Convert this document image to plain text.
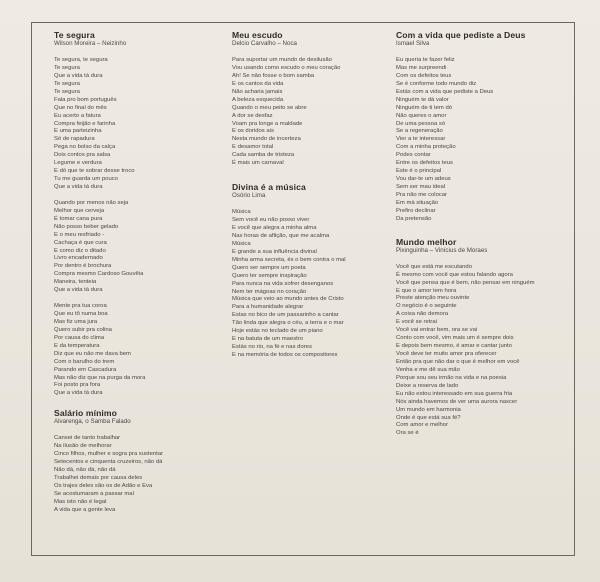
Te segura
Wilson Moreira – Neizinho
Te segura, te segura
Te segura
Que a vida tá dura
Te segura
Te segura
Fala pro bom português
Que no final do mês
Eu acerto a fatura
Compra feijão e farinha
E uma parteizinha
Só de rapadura
Pega no bolso da calça
Dois contos pra salsa
Legume e verdura
E dó que te sobrar desse troco
Tu me guarda um pouco
Que a vida tá dura
Quando por menos não seja
Melhor que cerveja
É tomar cana pura
Não posso beber gelado
E o meu resfriado -
Cachaça é que cura
E como diz o ditado
Livro encadernado
Por dentro é brochura
Compra mesmo Cardoso Gouvêia
Maneira, tenteia
Que a vida tá dura
Mente pra tua coroa
Que eu tô numa boa
Mas fiz uma jura
Quero subir pra colina
Por causa do clima
E da temperatura
Diz que eu não me dava bem
Com o barulho do trem
Parando em Cascadura
Mas não diz que na purga da mora
Foi posto pra fora
Que a vida tá dura
Salário mínimo
Alvarenga, o Samba Falado
Cansei de tanto trabalhar
Na ilusão de melhorar
Cinco filhos, mulher e sogra pra sustentar
Setecentos e cinquenta cruzeiros, não dá
Não dá, não dá, não dá
Trabalhei demais por causa deles
Os trajes deles são os de Adão e Eva
Se acostumaram a passar mal
Mas isto não é legal
A vida que a gente leva
Meu escudo
Delcio Carvalho – Noca
Para suportar um mundo de desilusão
Vou usando como escudo o meu coração
Ah! Se não fosse o bom samba
E os cantos da vida
Não acharia jamais
A beleza esquecida
Quando o meu peito se abre
A dor se desfaz
Voam pra longe a maldade
E os doridos ais
Nesta mundo de incerteza
E desamor total
Cada samba de tristeza
É mais um carnaval
Divina é a música
Osório Lima
Música
Sem você eu não posso viver
E você que alegra a minha alma
Nas horas de aflição, que me acalma
Música
E grande a sua influência divinal
Minha arma secreta, és o bem contra o mal
Quero ser sempre um poeta
Quero ter sempre inspiração
Para nunca na vida sofrer desenganos
Nem ter mágoas no coração
Música que veio ao mundo antes de Cristo
Para a humanidade alegrar
Estas no bico de um passarinho a cantar
Tão linda que alegra o céu, a terra e o mar
Hoje estás no teclado de um piano
E na batuta de um maestro
Estás no rio, na fé e nas dores
E na memória de todos os compositores
Com a vida que pediste a Deus
Ismael Silva
Eu queria te fazer feliz
Mas me surpreendi
Com os defeitos teus
Se é conforme todo mundo diz
Estás com a vida que pediste a Deus
Ninguém te dá valor
Ninguém de ti tem dó
Não queres o amor
De uma pessoa só
Se a regeneração
Vier a te interessar
Com a minha proteção
Podes contar
Entre os defeitos teus
Este é o principal
Vou dar-te um adeus
Sem ser mau ideal
Pra não me colocar
Em má situação
Prefiro declinar
Da pretensão
Mundo melhor
Pixinguinha – Vinícius de Moraes
Você que está me escutando
É mesmo com você que estou falando agora
Você que pensa que é bem, não pensar em ninguém
E que o amor tem hora
Preste atenção meu ouvinte
O negócio é o seguinte
A coisa não demora
E você se retrai
Você vai entrar bem, ora se vai
Conto com você, vim mais um é sempre dois
E depois bem mesmo, é amar e cantar junto
Você deve ter muito amor pra oferecer
Então pra que não dar o que é melhor em você
Venha e me dê sua mão
Porque sou seu irmão na vida e na poesia
Deixe a reserva de lado
Eu não estou interessado em sua guerra fria
Nós ainda havemos de ver uma aurora nascer
Um mundo em harmonia
Onde é que está sua fé?
Com amor e melhor
Ora se é
